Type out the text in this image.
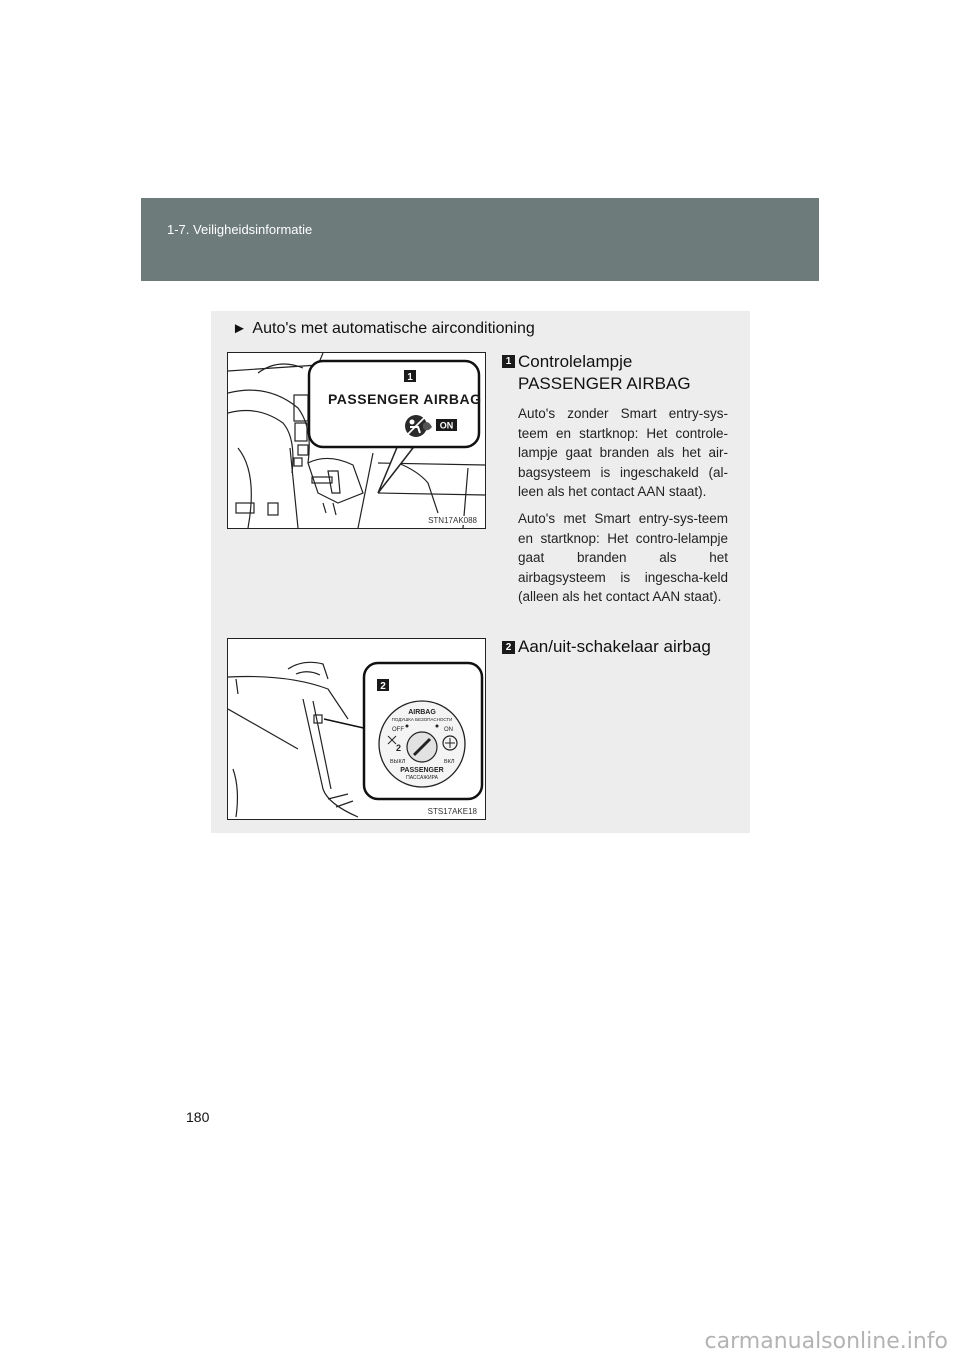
1-7. Veiligheidsinformatie
► Auto's met automatische airconditioning
1
PASSENGER AIRBAG
ON
STN17AK088
2
AIRBAG
ПОДУШКА БЕЗОПАСНОСТИ
OFF	ON
2
ВЫКЛ	ВКЛ
PASSENGER
ПАССАЖИРА
STS17AKE18
1 Controlelampje
PASSENGER AIRBAG
Auto's zonder Smart entry-sys-teem en startknop: Het controle-lampje gaat branden als het air-bagsysteem is ingeschakeld (al-leen als het contact AAN staat).
Auto's met Smart entry-sys-teem en startknop: Het contro-lelampje gaat branden als het airbagsysteem is ingescha-keld (alleen als het contact AAN staat).
2 Aan/uit-schakelaar airbag
180
carmanualsonline.info
